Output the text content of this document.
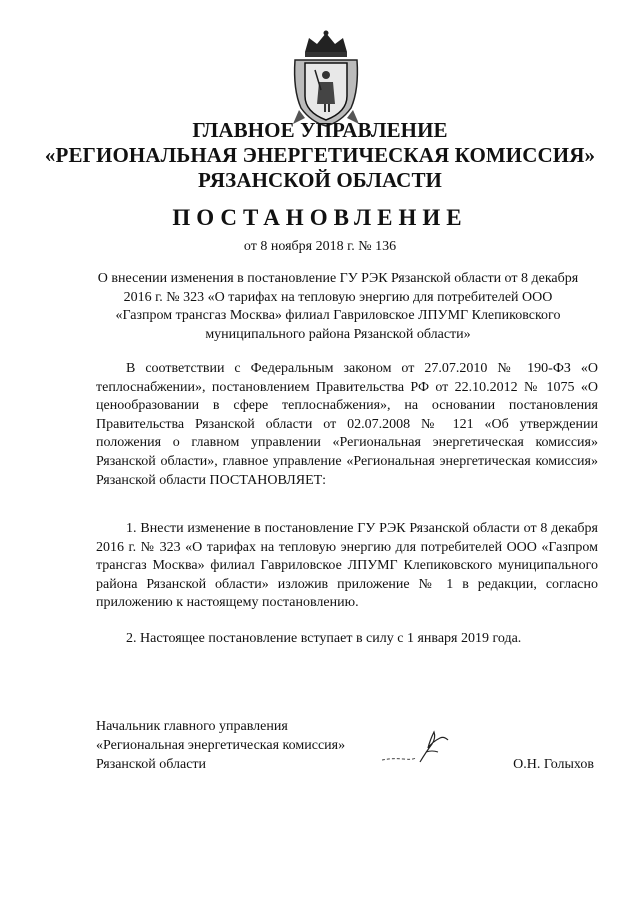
ГЛАВНОЕ УПРАВЛЕНИЕ
«РЕГИОНАЛЬНАЯ ЭНЕРГЕТИЧЕСКАЯ КОМИССИЯ»
РЯЗАНСКОЙ ОБЛАСТИ
ПОСТАНОВЛЕНИЕ
от 8 ноября 2018 г. № 136
О внесении изменения в постановление ГУ РЭК Рязанской области от 8 декабря 2016 г. № 323 «О тарифах на тепловую энергию для потребителей ООО «Газпром трансгаз Москва» филиал Гавриловское ЛПУМГ Клепиковского муниципального района Рязанской области»

В соответствии с Федеральным законом от 27.07.2010 № 190-ФЗ «О теплоснабжении», постановлением Правительства РФ от 22.10.2012 № 1075 «О ценообразовании в сфере теплоснабжения», на основании постановления Правительства Рязанской области от 02.07.2008 № 121 «Об утверждении положения о главном управлении «Региональная энергетическая комиссия» Рязанской области», главное управление «Региональная энергетическая комиссия» Рязанской области ПОСТАНОВЛЯЕТ:

1. Внести изменение в постановление ГУ РЭК Рязанской области от 8 декабря 2016 г. № 323 «О тарифах на тепловую энергию для потребителей ООО «Газпром трансгаз Москва» филиал Гавриловское ЛПУМГ Клепиковского муниципального района Рязанской области» изложив приложение № 1 в редакции, согласно приложению к настоящему постановлению.

2. Настоящее постановление вступает в силу с 1 января 2019 года.

Начальник главного управления
«Региональная энергетическая комиссия»
Рязанской области	О.Н. Голыхов
